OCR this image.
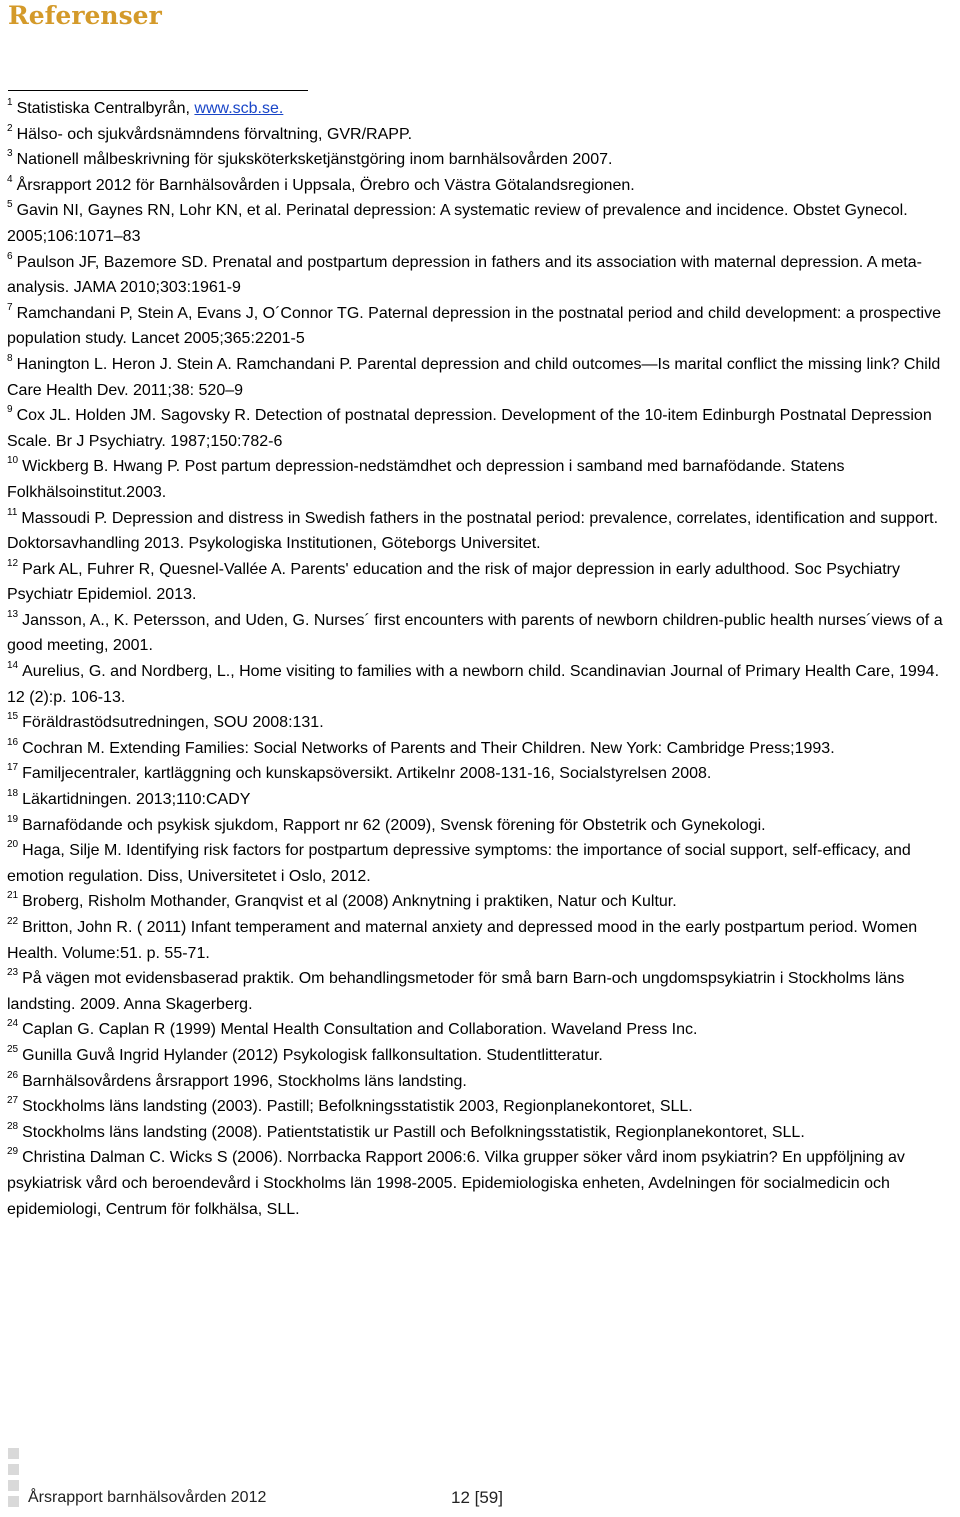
Referenser

$^1$ Statistiska Centralbyrån, www.scb.se.

$^2$ Hälso- och sjukvårdsnämndens förvaltning, GVR/RAPP.

$^3$ Nationell målbeskrivning för sjuksköterksketjänstgöring inom barnhälsovården 2007.

$^4$ Årsrapport 2012 för Barnhälsovården i Uppsala, Örebro och Västra Götalandsregionen.

$^5$ Gavin NI, Gaynes RN, Lohr KN, et al. Perinatal depression: A systematic review of prevalence and incidence. Obstet Gynecol. 2005;106:1071–83

$^6$ Paulson JF, Bazemore SD. Prenatal and postpartum depression in fathers and its association with maternal depression. A meta-analysis. JAMA 2010;303:1961-9

$^7$ Ramchandani P, Stein A, Evans J, O´Connor TG. Paternal depression in the postnatal period and child development: a prospective population study. Lancet 2005;365:2201-5

$^8$ Hanington L. Heron J. Stein A. Ramchandani P. Parental depression and child outcomes—Is marital conflict the missing link? Child Care Health Dev. 2011;38: 520–9

$^9$ Cox JL. Holden JM. Sagovsky R. Detection of postnatal depression. Development of the 10-item Edinburgh Postnatal Depression Scale. Br J Psychiatry. 1987;150:782-6

$^{10}$ Wickberg B. Hwang P. Post partum depression-nedstämdhet och depression i samband med barnafödande. Statens Folkhälsoinstitut.2003.

$^{11}$ Massoudi P. Depression and distress in Swedish fathers in the postnatal period: prevalence, correlates, identification and support. Doktorsavhandling 2013. Psykologiska Institutionen, Göteborgs Universitet.

$^{12}$ Park AL, Fuhrer R, Quesnel-Vallée A. Parents' education and the risk of major depression in early adulthood. Soc Psychiatry Psychiatr Epidemiol. 2013.

$^{13}$ Jansson, A., K. Petersson, and Uden, G. Nurses´ first encounters with parents of newborn children-public health nurses´views of a good meeting, 2001.

$^{14}$ Aurelius, G. and Nordberg, L., Home visiting to families with a newborn child. Scandinavian Journal of Primary Health Care, 1994. 12 (2):p. 106-13.

$^{15}$ Föräldrastödsutredningen, SOU 2008:131.

$^{16}$ Cochran M. Extending Families: Social Networks of Parents and Their Children. New York: Cambridge Press;1993.

$^{17}$ Familjecentraler, kartläggning och kunskapsöversikt. Artikelnr 2008-131-16, Socialstyrelsen 2008.

$^{18}$ Läkartidningen. 2013;110:CADY

$^{19}$ Barnafödande och psykisk sjukdom, Rapport nr 62 (2009), Svensk förening för Obstetrik och Gynekologi.

$^{20}$ Haga, Silje M. Identifying risk factors for postpartum depressive symptoms: the importance of social support, self-efficacy, and emotion regulation. Diss, Universitetet i Oslo, 2012.

$^{21}$ Broberg, Risholm Mothander, Granqvist et al (2008) Anknytning i praktiken, Natur och Kultur.

$^{22}$ Britton, John R. ( 2011) Infant temperament and maternal anxiety and depressed mood in the early postpartum period. Women Health. Volume:51. p. 55-71.

$^{23}$ På vägen mot evidensbaserad praktik. Om behandlingsmetoder för små barn Barn-och ungdomspsykiatrin i Stockholms läns landsting. 2009. Anna Skagerberg.

$^{24}$ Caplan G. Caplan R (1999) Mental Health Consultation and Collaboration. Waveland Press Inc.

$^{25}$ Gunilla Guvå Ingrid Hylander (2012) Psykologisk fallkonsultation. Studentlitteratur.

$^{26}$ Barnhälsovårdens årsrapport 1996, Stockholms läns landsting.

$^{27}$ Stockholms läns landsting (2003). Pastill; Befolkningsstatistik 2003, Regionplanekontoret, SLL.

$^{28}$ Stockholms läns landsting (2008). Patientstatistik ur Pastill och Befolkningsstatistik, Regionplanekontoret, SLL.

$^{29}$ Christina Dalman C. Wicks S (2006). Norrbacka Rapport 2006:6. Vilka grupper söker vård inom psykiatrin? En uppföljning av psykiatrisk vård och beroendevård i Stockholms län 1998-2005. Epidemiologiska enheten, Avdelningen för socialmedicin och epidemiologi, Centrum för folkhälsa, SLL.

Årsrapport barnhälsovården 2012	12 [59]
